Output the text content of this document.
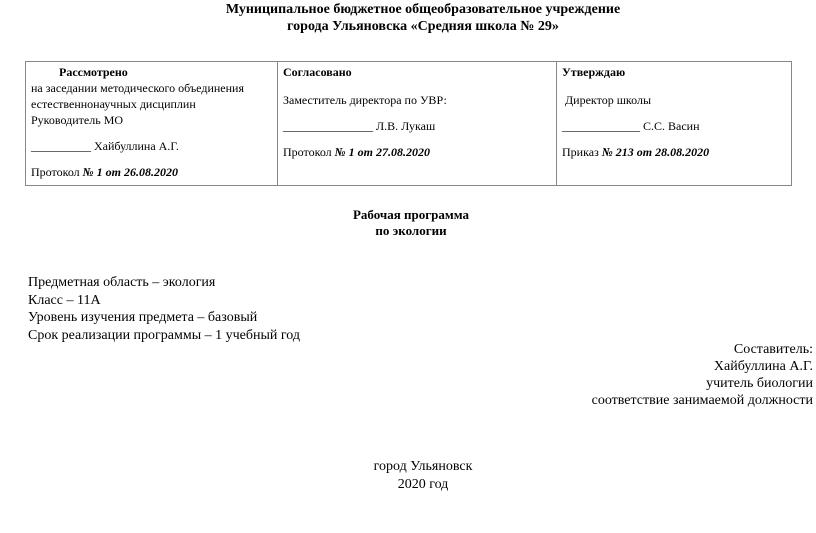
Муниципальное бюджетное общеобразовательное учреждение
города Ульяновска «Средняя школа № 29»
Рассмотрено
на заседании методического объединения
естественнонаучных дисциплин
Руководитель МО
__________ Хайбуллина А.Г.
Протокол № 1 от 26.08.2020
Согласовано
Заместитель директора по УВР:
_______________ Л.В. Лукаш
Протокол № 1 от 27.08.2020
Утверждаю
Директор школы
_____________ С.С. Васин
Приказ № 213 от 28.08.2020
Рабочая программа
по экологии
Предметная область – экология
Класс – 11А
Уровень изучения предмета – базовый
Срок реализации программы – 1 учебный год
Составитель:
Хайбуллина А.Г.
учитель биологии
соответствие занимаемой должности
город Ульяновск
2020 год
